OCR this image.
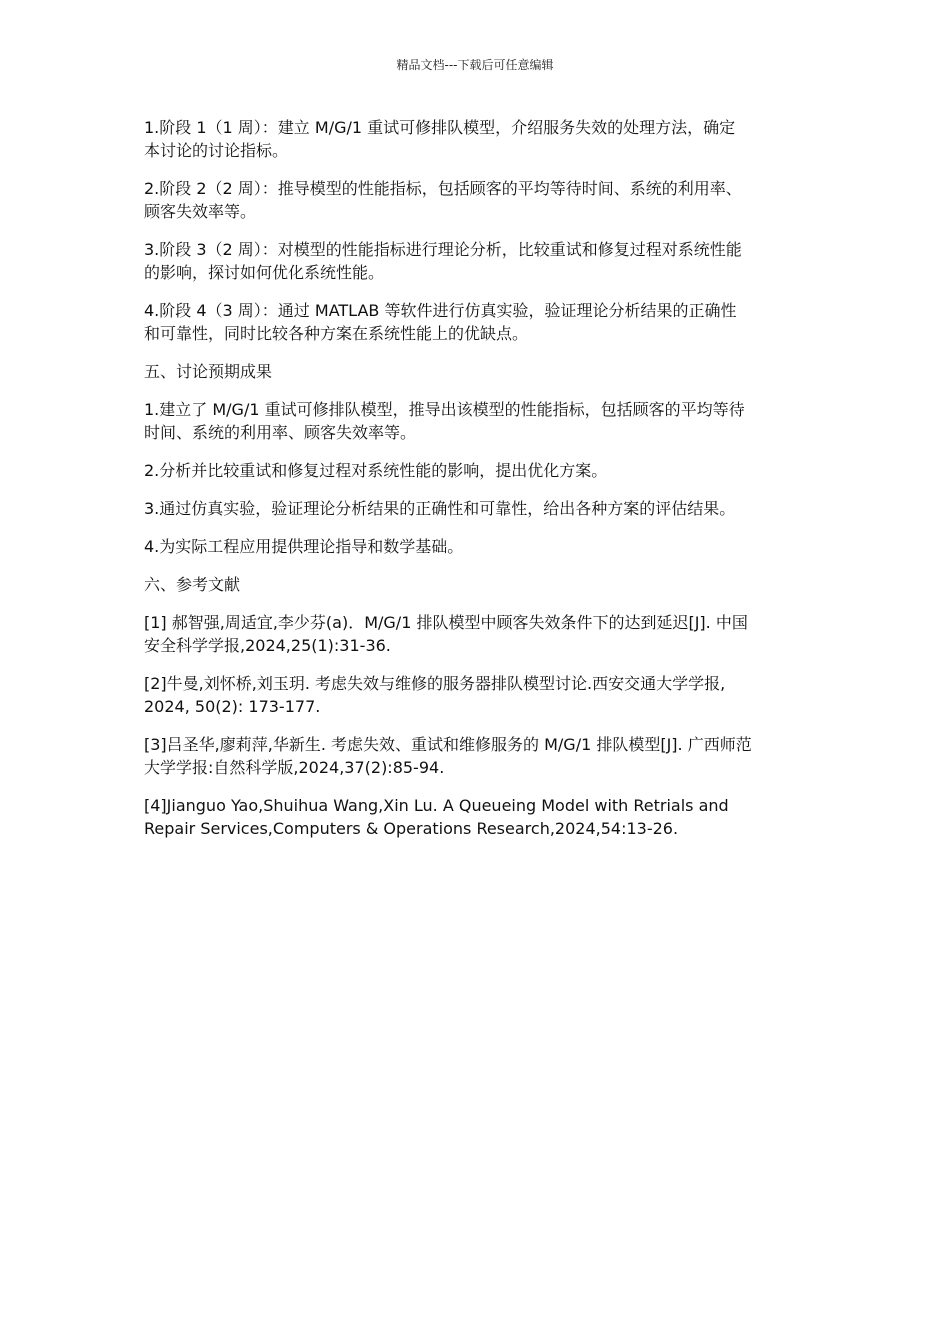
精品文档---下载后可任意编辑

1.阶段 1（1 周）：建立 M/G/1 重试可修排队模型，介绍服务失效的处理方法，确定
本讨论的讨论指标。

2.阶段 2（2 周）：推导模型的性能指标，包括顾客的平均等待时间、系统的利用率、
顾客失效率等。

3.阶段 3（2 周）：对模型的性能指标进行理论分析，比较重试和修复过程对系统性能
的影响，探讨如何优化系统性能。

4.阶段 4（3 周）：通过 MATLAB 等软件进行仿真实验，验证理论分析结果的正确性
和可靠性，同时比较各种方案在系统性能上的优缺点。

五、讨论预期成果

1.建立了 M/G/1 重试可修排队模型，推导出该模型的性能指标，包括顾客的平均等待
时间、系统的利用率、顾客失效率等。

2.分析并比较重试和修复过程对系统性能的影响，提出优化方案。

3.通过仿真实验，验证理论分析结果的正确性和可靠性，给出各种方案的评估结果。

4.为实际工程应用提供理论指导和数学基础。

六、参考文献

[1] 郝智强,周适宜,李少芬(a)．M/G/1 排队模型中顾客失效条件下的达到延迟[J]. 中国
安全科学学报,2024,25(1):31-36.

[2]牛曼,刘怀桥,刘玉玥. 考虑失效与维修的服务器排队模型讨论.西安交通大学学报,
2024, 50(2): 173-177.

[3]吕圣华,廖莉萍,华新生. 考虑失效、重试和维修服务的 M/G/1 排队模型[J]. 广西师范
大学学报:自然科学版,2024,37(2):85-94.

[4]Jianguo Yao,Shuihua Wang,Xin Lu. A Queueing Model with Retrials and
Repair Services,Computers & Operations Research,2024,54:13-26.
